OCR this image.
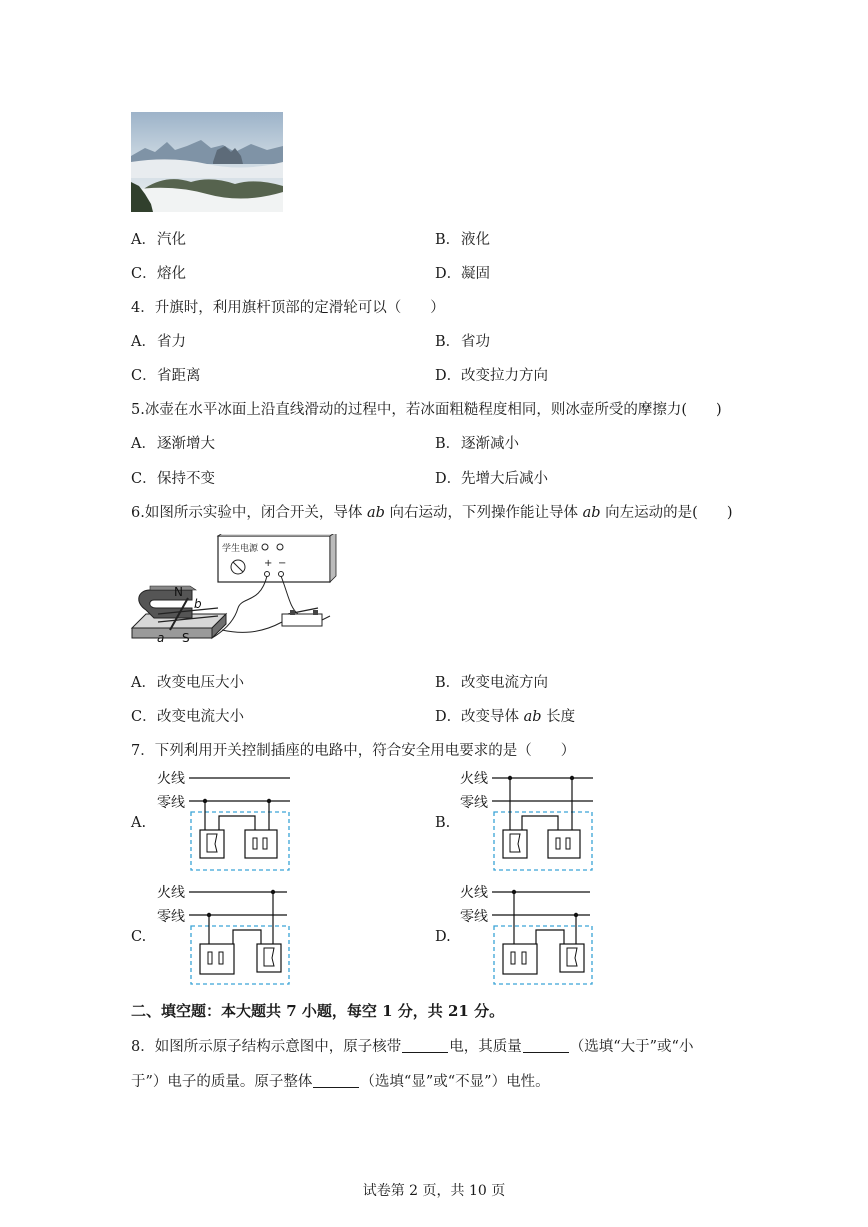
A．汽化	B．液化
C．熔化	D．凝固
4．升旗时，利用旗杆顶部的定滑轮可以（　　）
A．省力	B．省功
C．省距离	D．改变拉力方向
5.冰壶在水平冰面上沿直线滑动的过程中，若冰面粗糙程度相同，则冰壶所受的摩擦力(　　)
A．逐渐增大	B．逐渐减小
C．保持不变	D．先增大后减小
6.如图所示实验中，闭合开关，导体 ab 向右运动，下列操作能让导体 ab 向左运动的是(　　)
学生电源
+ −
N
b
a S
A．改变电压大小	B．改变电流方向
C．改变电流大小	D．改变导体 ab 长度
7．下列利用开关控制插座的电路中，符合安全用电要求的是（　　）
A.
火线
零线
B.
火线
零线
C.
火线
零线
D.
火线
零线
二、填空题：本大题共 7 小题，每空 1 分，共 21 分。
8．如图所示原子结构示意图中，原子核带	电，其质量	（选填“大于”或“小
于”）电子的质量。原子整体	（选填“显”或“不显”）电性。
试卷第 2 页，共 10 页
